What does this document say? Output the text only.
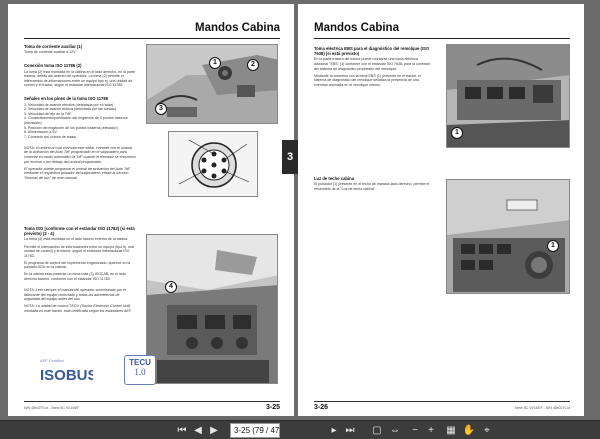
Mandos Cabina
Toma de corriente auxiliar (1)
Toma de corriente auxiliar a 12V.
Conexión toma ISO 11786 (2)
La toma (2) está montada en la cabina en el lado derecho, en la parte trasera, detrás del asiento del operador. La toma (2) permite el intercambio de informaciones entre un equipo tipo ej. una unidad de control y el tractor, según el estándar internacional ISO 11786.
Señales en los pines de la toma ISO 11786
1. Velocidad de avance efectiva (detectada por el radar).
2. Velocidad de avance teórica (detectada por las ruedas).
3. Velocidad del eje de la TdF.
4. Consentimiento/prohibición del enganche de 3 puntos traseros (elevación).
5. Posición del enganche de los puntos traseros (elevador).
6. Alimentación a 5V.
7. Conexión del común de masa.
NOTA: el umbral al cual conmuta este señal, coincide con el umbral de la activación del Auto TdF programado en el salpicadero para conectar en modo automático la TdF cuando el elevador se encuentra por encima o por debajo del umbral programado.
El operador puede programar el umbral de activación del Auto TdF mediante el respectivo pulsador del salpicadero, véase la sección "Normas de uso" de este manual.
Toma ISO (conforme con el estándar ISO 11783) (si está previsto) (3 - 4)
La toma (4) está montada en el lado trasero exterior de la cabina.
Permite el intercambio de informaciones entre un equipo (tipo ej. una unidad de control) y el tractor, según el estándar internacional ISO 11783.
El programa de control del implemento enganchado, aparece en la pantalla DDU en la cabina.
En la cabina está presente un toma más (3) ISOCAB, en el lado derecho trasero, conforme con el estándar ISO 11783.
NOTA: Leer siempre el manual del operador suministrado por el fabricante del equipo conectado y todas las advertencias de seguridad del equipo antes del uso.
NOTA: La unidad de control TECU (Tractor Electronic Control Unit) montada en este tractor, está certificada según los estándares AEF.
1	2
3
4
AEF Certified
ISOBUS
TECU
1.0
N/N 48x0270-lz - Serie 6C VI/14/EF	3-25
3
Mandos Cabina
Toma eléctrica EBS para el diagnóstico del remolque (ISO 7638) (si está previsto)
En la parte trasera del tractor puede montarse una toma eléctrica adicional "EBS" (1) conforme con el estándar ISO 7638, para la conexión del sistema de diagnóstico propietario del remolque.
Mediante la conexión con la toma EBS (1) presente en el tractor, el sistema de diagnóstico del remolque señaliza la presencia de una eventual anomalía en el remolque mismo.
Luz de techo cabina
El pulsador (1) presente en el techo de mandos lado derecho, permite el encendido de la "Luz de techo cabina".
1
1
3-26	Serie 6C VI/14/EF - N/N 48x0270-lz
⏮ ◀ ▶
3-25 (79 / 470)	▸ ⏭ ▢ ⇔	−	+	▦ ✋ ⌖
